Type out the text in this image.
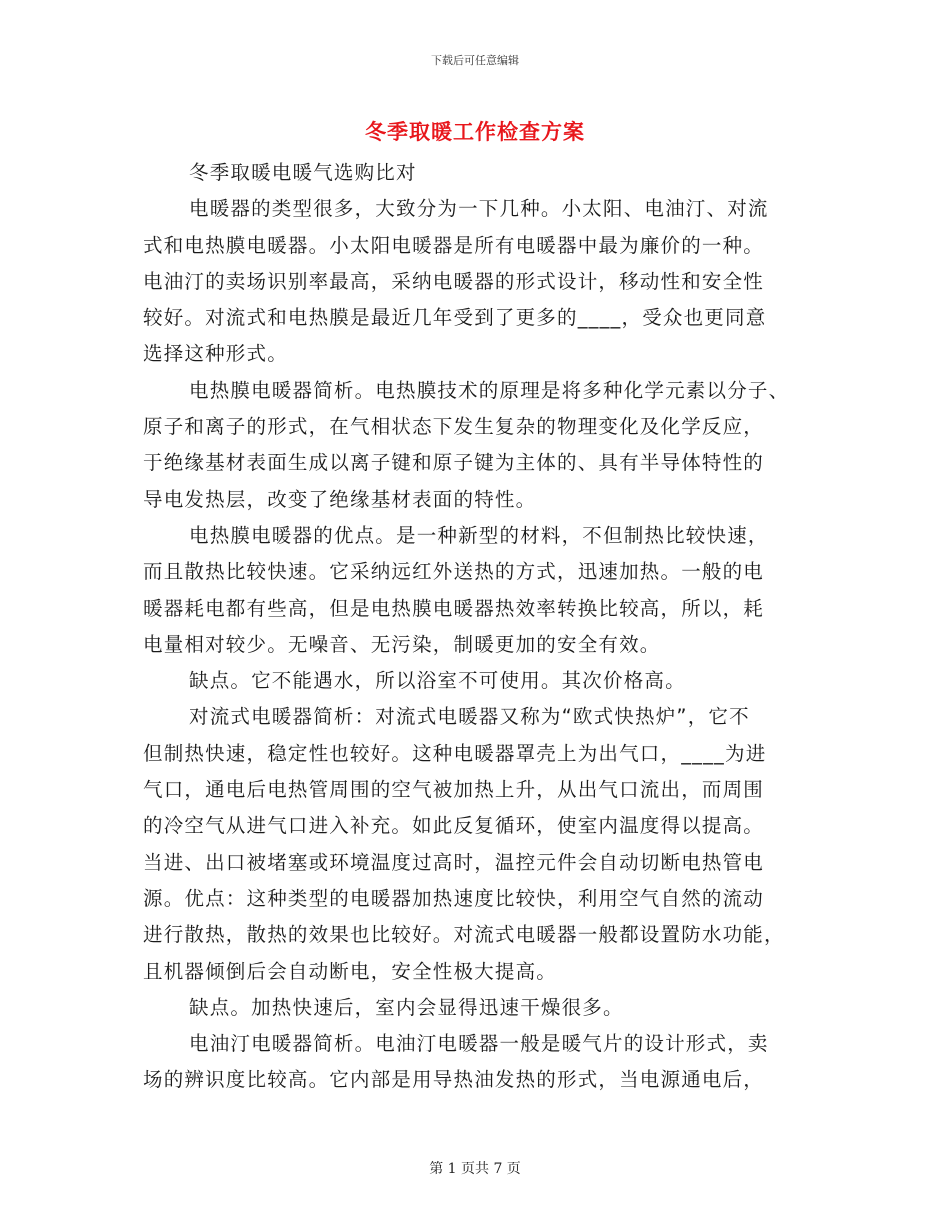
下载后可任意编辑
冬季取暖工作检查方案
冬季取暖电暖气选购比对
电暖器的类型很多，大致分为一下几种。小太阳、电油汀、对流
式和电热膜电暖器。小太阳电暖器是所有电暖器中最为廉价的一种。
电油汀的卖场识别率最高，采纳电暖器的形式设计，移动性和安全性
较好。对流式和电热膜是最近几年受到了更多的____，受众也更同意
选择这种形式。
电热膜电暖器简析。电热膜技术的原理是将多种化学元素以分子、
原子和离子的形式，在气相状态下发生复杂的物理变化及化学反应，
于绝缘基材表面生成以离子键和原子键为主体的、具有半导体特性的
导电发热层，改变了绝缘基材表面的特性。
电热膜电暖器的优点。是一种新型的材料，不但制热比较快速，
而且散热比较快速。它采纳远红外送热的方式，迅速加热。一般的电
暖器耗电都有些高，但是电热膜电暖器热效率转换比较高，所以，耗
电量相对较少。无噪音、无污染，制暖更加的安全有效。
缺点。它不能遇水，所以浴室不可使用。其次价格高。
对流式电暖器简析：对流式电暖器又称为“欧式快热炉”，它不
但制热快速，稳定性也较好。这种电暖器罩壳上为出气口，____为进
气口，通电后电热管周围的空气被加热上升，从出气口流出，而周围
的冷空气从进气口进入补充。如此反复循环，使室内温度得以提高。
当进、出口被堵塞或环境温度过高时，温控元件会自动切断电热管电
源。优点：这种类型的电暖器加热速度比较快，利用空气自然的流动
进行散热，散热的效果也比较好。对流式电暖器一般都设置防水功能，
且机器倾倒后会自动断电，安全性极大提高。
缺点。加热快速后，室内会显得迅速干燥很多。
电油汀电暖器简析。电油汀电暖器一般是暖气片的设计形式，卖
场的辨识度比较高。它内部是用导热油发热的形式，当电源通电后，
第 1 页共 7 页
